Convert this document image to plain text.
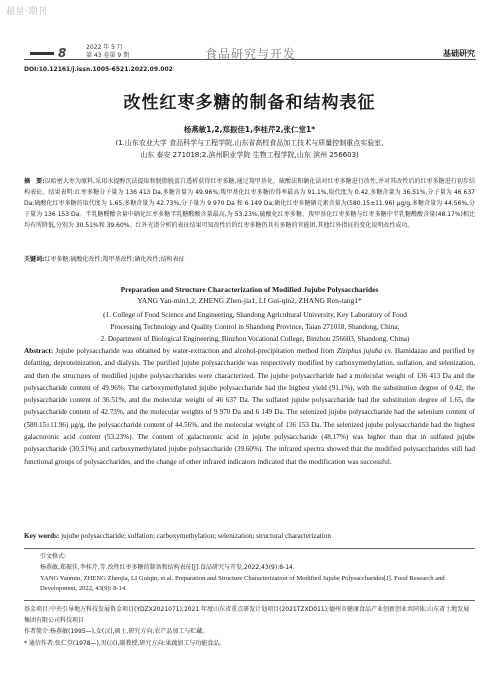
超星·期刊
8	2022 年 5 月
第 43 卷第 9 期	食品研究与开发	基础研究
DOI:10.12161/j.issn.1005-6521.2022.09.002
改性红枣多糖的制备和结构表征
杨燕敏1,2,郑振佳1,李桂芹2,张仁堂1*
(1.山东农业大学 食品科学与工程学院,山东省高校食品加工技术与质量控制重点实验室,
山东 泰安 271018;2.滨州职业学院 生物工程学院,山东 滨州 256603)
摘　要:以哈密大枣为原料,采用水提醇沉法提取和脱脂脱蛋白透析获得红枣多糖,通过羧甲基化、硫酸法和硒化法对红枣多糖进行改性,并对其改性后的红枣多糖进行初步结构表征。结果表明:红枣多糖分子量为 136 413 Da,多糖含量为 49.96%;羧甲基化红枣多糖的得率最高为 91.1%,取代度为 0.42,多糖含量为 36.51%,分子量为 46 637 Da;硫酸化红枣多糖的取代度为 1.65,多糖含量为 42.73%,分子量为 9 970 Da 和 6 149 Da;硒化红枣多糖硒元素含量为(580.15±11.96) μg/g,多糖含量为 44.56%,分子量为 136 153 Da。半乳糖醛酸含量中硒化红枣多糖半乳糖醛酸含量最高,为 53.23%,硫酸化红枣多糖、羧甲基化红枣多糖与红枣多糖中半乳糖醛酸含量(48.17%)相比均有所降低,分别为 30.51%和 39.60%。红外光谱分析的表征结果可知改性后的红枣多糖仍具有多糖的官能团,其他红外指征的变化说明改性成功。
关键词:红枣多糖;硫酸化改性;羧甲基改性;硒化改性;结构表征
Preparation and Structure Characterization of Modified Jujube Polysaccharides
YANG Yan-min1,2, ZHENG Zhen-jia1, LI Gui-qin2, ZHANG Ren-tang1*
(1. College of Food Science and Engineering, Shandong Agricultural University, Key Laboratory of Food
Processing Technology and Quality Control in Shandong Province, Taian 271018, Shandong, China;
2. Department of Biological Engineering, Binzhou Vocational College, Binzhou 256603, Shandong, China)
Abstract: Jujube polysaccharide was obtained by water-extraction and alcohol-precipitation method from Ziziphus jujuba cv. Hamidazao and purified by defatting, deproteinization, and dialysis. The purified jujube polysaccharide was respectively modified by carboxymethylation, sulfation, and selenization, and then the structures of modified jujube polysaccharides were characterized. The jujube polysaccharide had a molecular weight of 136 413 Da and the polysaccharide content of 49.96%. The carboxymethylated jujube polysaccharide had the highest yield (91.1%), with the substitution degree of 0.42, the polysaccharide content of 36.51%, and the molecular weight of 46 637 Da. The sulfated jujube polysaccharide had the substitution degree of 1.65, the polysaccharide content of 42.73%, and the molecular weights of 9 970 Da and 6 149 Da. The selenized jujube polysaccharide had the selenium content of (580.15±11.96) μg/g, the polysaccharide content of 44.56%, and the molecular weight of 136 153 Da. The selenized jujube polysaccharide had the highest galacturonic acid content (53.23%). The content of galacturonic acid in jujube polysaccharide (48.17%) was higher than that in sulfated jujube polysaccharide (30.51%) and carboxymethylated jujube polysaccharide (39.60%). The infrared spectra showed that the modified polysaccharides still had functional groups of polysaccharides, and the change of other infrared indicators indicated that the modification was successful.
Key words: jujube polysaccharide; sulfation; carboxymethylation; selenization; structural characterization
引文格式:
杨燕敏,郑振佳,李桂芹,等.改性红枣多糖的制备和结构表征[J].食品研究与开发,2022,43(9):8-14.
YANG Yanmin, ZHENG Zhenjia, LI Guiqin, et al. Preparation and Structure Characterization of Modified Jujube Polysaccharides[J]. Food Research and Development, 2022, 43(9): 8-14.
基金项目:中央引导地方科技发展资金项目(YDZX2021071);2021 年度山东省重点研发计划项目(2021TZXD011);德州市健康食品产业创新创业共同体;山东省土地发展集团有限公司科技项目
作者简介:杨燕敏(1995—),女(汉),硕士,研究方向:农产品加工与贮藏。
* 通信作者:张仁堂(1978—),男(汉),副教授,研究方向:果蔬加工与功能食品。
